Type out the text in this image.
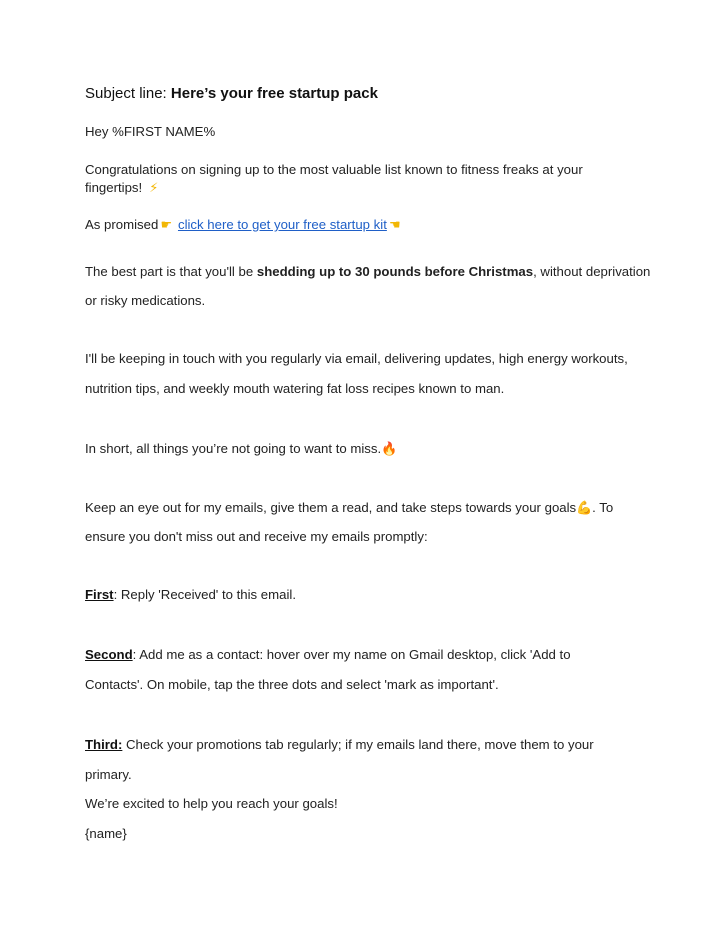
Subject line: Here’s your free startup pack
Hey %FIRST NAME%
Congratulations on signing up to the most valuable list known to fitness freaks at your
fingertips! ⚡
As promised ☛ click here to get your free startup kit ☚
The best part is that you'll be shedding up to 30 pounds before Christmas, without deprivation
or risky medications.
I'll be keeping in touch with you regularly via email, delivering updates, high energy workouts,
nutrition tips, and weekly mouth watering fat loss recipes known to man.
In short, all things you’re not going to want to miss.🔥
Keep an eye out for my emails, give them a read, and take steps towards your goals💪. To
ensure you don't miss out and receive my emails promptly:
First: Reply 'Received' to this email.
Second: Add me as a contact: hover over my name on Gmail desktop, click 'Add to
Contacts'. On mobile, tap the three dots and select 'mark as important'.
Third: Check your promotions tab regularly; if my emails land there, move them to your
primary.
We’re excited to help you reach your goals!
{name}
